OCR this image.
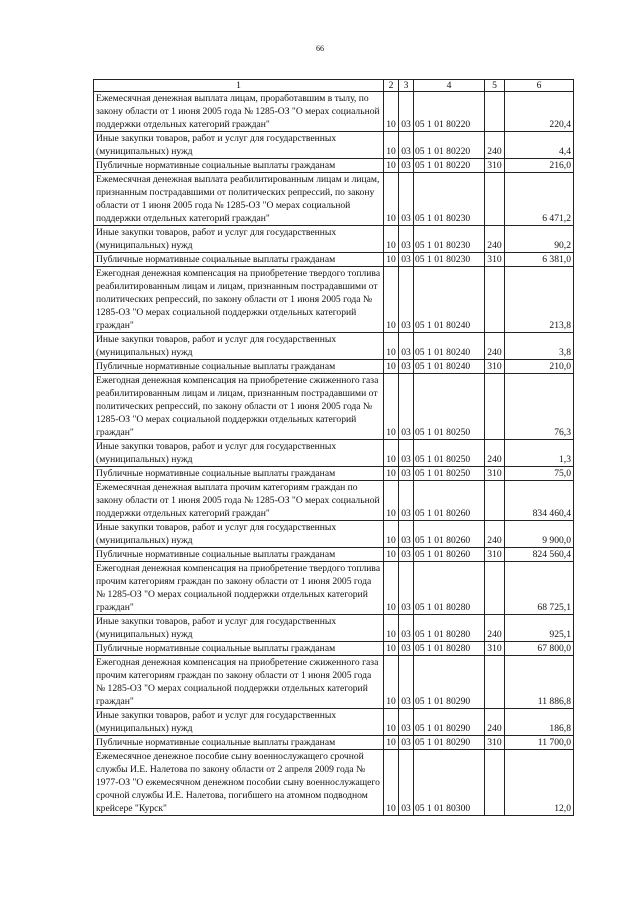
66
1	2	3	4	5	6
Ежемесячная денежная выплата лицам, проработавшим в тылу, по закону области от 1 июня 2005 года № 1285-ОЗ "О мерах социальной поддержки отдельных категорий граждан"	10	03	05 1 01 80220		220,4
Иные закупки товаров, работ и услуг для государственных (муниципальных) нужд	10	03	05 1 01 80220	240	4,4
Публичные нормативные социальные выплаты гражданам	10	03	05 1 01 80220	310	216,0
Ежемесячная денежная выплата реабилитированным лицам и лицам, признанным пострадавшими от политических репрессий, по закону области от 1 июня 2005 года № 1285-ОЗ "О мерах социальной поддержки отдельных категорий граждан"	10	03	05 1 01 80230		6 471,2
Иные закупки товаров, работ и услуг для государственных (муниципальных) нужд	10	03	05 1 01 80230	240	90,2
Публичные нормативные социальные выплаты гражданам	10	03	05 1 01 80230	310	6 381,0
Ежегодная денежная компенсация на приобретение твердого топлива реабилитированным лицам и лицам, признанным пострадавшими от политических репрессий, по закону области от 1 июня 2005 года № 1285-ОЗ "О мерах социальной поддержки отдельных категорий граждан"	10	03	05 1 01 80240		213,8
Иные закупки товаров, работ и услуг для государственных (муниципальных) нужд	10	03	05 1 01 80240	240	3,8
Публичные нормативные социальные выплаты гражданам	10	03	05 1 01 80240	310	210,0
Ежегодная денежная компенсация на приобретение сжиженного газа реабилитированным лицам и лицам, признанным пострадавшими от политических репрессий, по закону области от 1 июня 2005 года № 1285-ОЗ "О мерах социальной поддержки отдельных категорий граждан"	10	03	05 1 01 80250		76,3
Иные закупки товаров, работ и услуг для государственных (муниципальных) нужд	10	03	05 1 01 80250	240	1,3
Публичные нормативные социальные выплаты гражданам	10	03	05 1 01 80250	310	75,0
Ежемесячная денежная выплата прочим категориям граждан по закону области от 1 июня 2005 года № 1285-ОЗ "О мерах социальной поддержки отдельных категорий граждан"	10	03	05 1 01 80260		834 460,4
Иные закупки товаров, работ и услуг для государственных (муниципальных) нужд	10	03	05 1 01 80260	240	9 900,0
Публичные нормативные социальные выплаты гражданам	10	03	05 1 01 80260	310	824 560,4
Ежегодная денежная компенсация на приобретение твердого топлива прочим категориям граждан по закону области от 1 июня 2005 года № 1285-ОЗ "О мерах социальной поддержки отдельных категорий граждан"	10	03	05 1 01 80280		68 725,1
Иные закупки товаров, работ и услуг для государственных (муниципальных) нужд	10	03	05 1 01 80280	240	925,1
Публичные нормативные социальные выплаты гражданам	10	03	05 1 01 80280	310	67 800,0
Ежегодная денежная компенсация на приобретение сжиженного газа прочим категориям граждан по закону области от 1 июня 2005 года № 1285-ОЗ "О мерах социальной поддержки отдельных категорий граждан"	10	03	05 1 01 80290		11 886,8
Иные закупки товаров, работ и услуг для государственных (муниципальных) нужд	10	03	05 1 01 80290	240	186,8
Публичные нормативные социальные выплаты гражданам	10	03	05 1 01 80290	310	11 700,0
Ежемесячное денежное пособие сыну военнослужащего срочной службы И.Е. Налетова по закону области от 2 апреля 2009 года № 1977-ОЗ "О ежемесячном денежном пособии сыну военнослужащего срочной службы И.Е. Налетова, погибшего на атомном подводном крейсере "Курск"	10	03	05 1 01 80300		12,0
